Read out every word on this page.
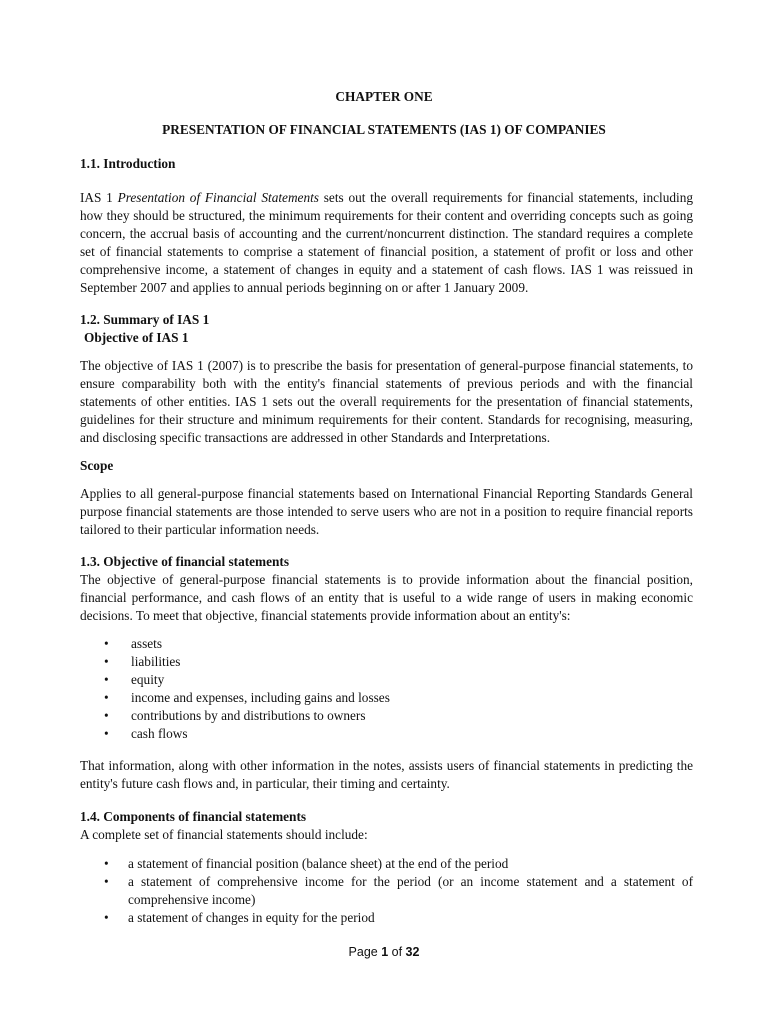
CHAPTER ONE
PRESENTATION OF FINANCIAL STATEMENTS (IAS 1) OF COMPANIES
1.1. Introduction
IAS 1 Presentation of Financial Statements sets out the overall requirements for financial statements, including how they should be structured, the minimum requirements for their content and overriding concepts such as going concern, the accrual basis of accounting and the current/noncurrent distinction. The standard requires a complete set of financial statements to comprise a statement of financial position, a statement of profit or loss and other comprehensive income, a statement of changes in equity and a statement of cash flows. IAS 1 was reissued in September 2007 and applies to annual periods beginning on or after 1 January 2009.
1.2. Summary of IAS 1
Objective of IAS 1
The objective of IAS 1 (2007) is to prescribe the basis for presentation of general-purpose financial statements, to ensure comparability both with the entity's financial statements of previous periods and with the financial statements of other entities. IAS 1 sets out the overall requirements for the presentation of financial statements, guidelines for their structure and minimum requirements for their content. Standards for recognising, measuring, and disclosing specific transactions are addressed in other Standards and Interpretations.
Scope
Applies to all general-purpose financial statements based on International Financial Reporting Standards General purpose financial statements are those intended to serve users who are not in a position to require financial reports tailored to their particular information needs.
1.3. Objective of financial statements
The objective of general-purpose financial statements is to provide information about the financial position, financial performance, and cash flows of an entity that is useful to a wide range of users in making economic decisions. To meet that objective, financial statements provide information about an entity's:
• assets
• liabilities
• equity
• income and expenses, including gains and losses
• contributions by and distributions to owners
• cash flows
That information, along with other information in the notes, assists users of financial statements in predicting the entity's future cash flows and, in particular, their timing and certainty.
1.4. Components of financial statements
A complete set of financial statements should include:
• a statement of financial position (balance sheet) at the end of the period
• a statement of comprehensive income for the period (or an income statement and a statement of comprehensive income)
• a statement of changes in equity for the period
Page 1 of 32
